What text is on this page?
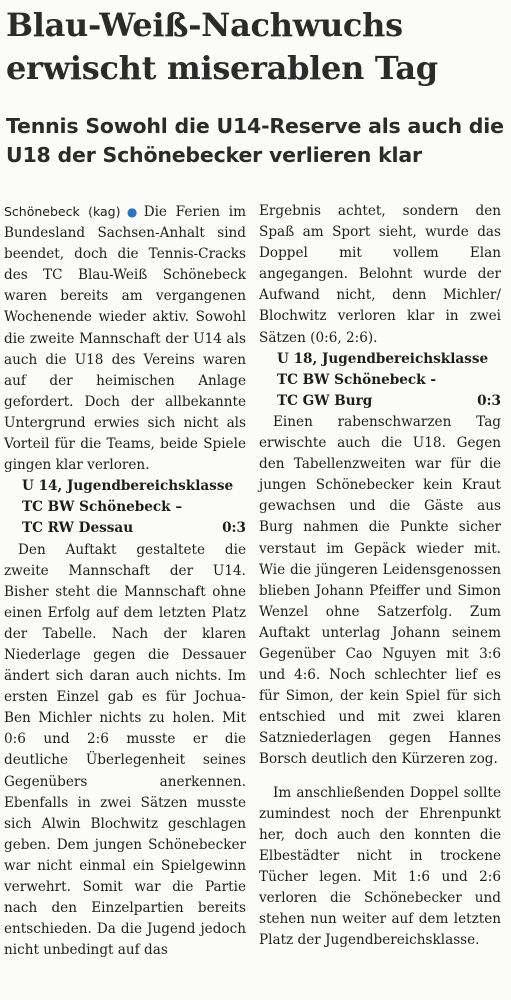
Blau-Weiß-Nachwuchs
erwischt miserablen Tag
Tennis Sowohl die U14-Reserve als auch die
U18 der Schönebecker verlieren klar

Schönebeck (kag) ● Die Ferien im Bundesland Sachsen-Anhalt sind beendet, doch die Tennis-Cracks des TC Blau-Weiß Schönebeck waren bereits am vergangenen Wochenende wieder aktiv. Sowohl die zweite Mannschaft der U14 als auch die U18 des Vereins waren auf der heimischen Anlage gefordert. Doch der allbekannte Untergrund erwies sich nicht als Vorteil für die Teams, beide Spiele gingen klar verloren.

U 14, Jugendbereichsklasse
TC BW Schönebeck –
TC RW Dessau	0:3

Den Auftakt gestaltete die zweite Mannschaft der U14. Bisher steht die Mannschaft ohne einen Erfolg auf dem letzten Platz der Tabelle. Nach der klaren Niederlage gegen die Dessauer ändert sich daran auch nichts. Im ersten Einzel gab es für Jochua-Ben Michler nichts zu holen. Mit 0:6 und 2:6 musste er die deutliche Überlegenheit seines Gegenübers anerkennen. Ebenfalls in zwei Sätzen musste sich Alwin Blochwitz geschlagen geben. Dem jungen Schönebecker war nicht einmal ein Spielgewinn verwehrt. Somit war die Partie nach den Einzelpartien bereits entschieden. Da die Jugend jedoch nicht unbedingt auf das

Ergebnis achtet, sondern den Spaß am Sport sieht, wurde das Doppel mit vollem Elan angegangen. Belohnt wurde der Aufwand nicht, denn Michler/ Blochwitz verloren klar in zwei Sätzen (0:6, 2:6).

U 18, Jugendbereichsklasse
TC BW Schönebeck -
TC GW Burg	0:3

Einen rabenschwarzen Tag erwischte auch die U18. Gegen den Tabellenzweiten war für die jungen Schönebecker kein Kraut gewachsen und die Gäste aus Burg nahmen die Punkte sicher verstaut im Gepäck wieder mit. Wie die jüngeren Leidensgenossen blieben Johann Pfeiffer und Simon Wenzel ohne Satzerfolg. Zum Auftakt unterlag Johann seinem Gegenüber Cao Nguyen mit 3:6 und 4:6. Noch schlechter lief es für Simon, der kein Spiel für sich entschied und mit zwei klaren Satzniederlagen gegen Hannes Borsch deutlich den Kürzeren zog.

Im anschließenden Doppel sollte zumindest noch der Ehrenpunkt her, doch auch den konnten die Elbestädter nicht in trockene Tücher legen. Mit 1:6 und 2:6 verloren die Schönebecker und stehen nun weiter auf dem letzten Platz der Jugendbereichsklasse.
